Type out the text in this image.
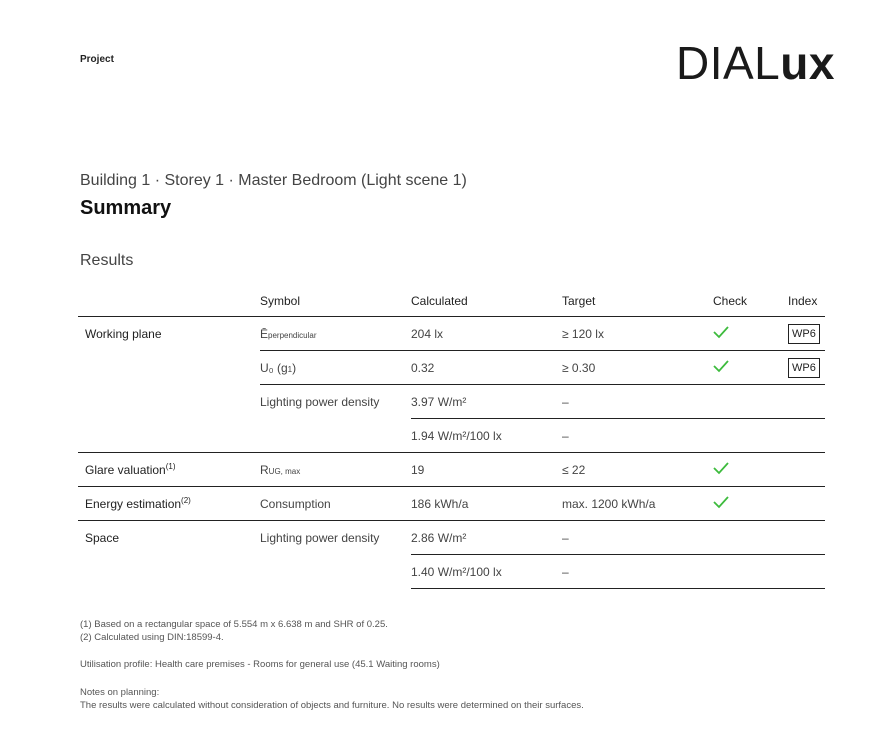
Project	DIALux
Building 1 · Storey 1 · Master Bedroom (Light scene 1)
Summary
Results
	Symbol	Calculated	Target	Check	Index
Working plane	Ēperpendicular	204 lx	≥ 120 lx		WP6
	U₀ (g1)	0.32	≥ 0.30		WP6
	Lighting power density	3.97 W/m²	–		
		1.94 W/m²/100 lx	–		
Glare valuation$^{(1)}$	RUG, max	19	≤ 22		
Energy estimation$^{(2)}$	Consumption	186 kWh/a	max. 1200 kWh/a		
Space	Lighting power density	2.86 W/m²	–		
		1.40 W/m²/100 lx	–		
(1) Based on a rectangular space of 5.554 m x 6.638 m and SHR of 0.25.
(2) Calculated using DIN:18599-4.
Utilisation profile: Health care premises - Rooms for general use (45.1 Waiting rooms)
Notes on planning:
The results were calculated without consideration of objects and furniture. No results were determined on their surfaces.
